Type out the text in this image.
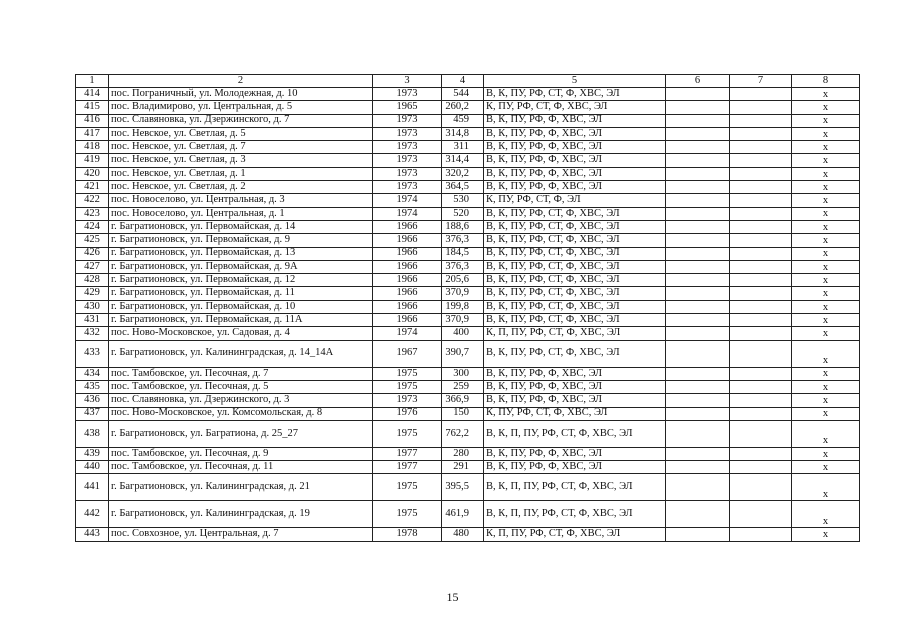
1	2	3	4	5	6	7	8
414	пос. Пограничный, ул. Молодежная, д. 10	1973	544	В, К, ПУ, РФ, СТ, Ф, ХВС, ЭЛ			x
415	пос. Владимирово, ул. Центральная, д. 5	1965	260,2	К, ПУ, РФ, СТ, Ф, ХВС, ЭЛ			x
416	пос. Славяновка, ул. Дзержинского, д. 7	1973	459	В, К, ПУ, РФ, Ф, ХВС, ЭЛ			x
417	пос. Невское, ул. Светлая, д. 5	1973	314,8	В, К, ПУ, РФ, Ф, ХВС, ЭЛ			x
418	пос. Невское, ул. Светлая, д. 7	1973	311	В, К, ПУ, РФ, Ф, ХВС, ЭЛ			x
419	пос. Невское, ул. Светлая, д. 3	1973	314,4	В, К, ПУ, РФ, Ф, ХВС, ЭЛ			x
420	пос. Невское, ул. Светлая, д. 1	1973	320,2	В, К, ПУ, РФ, Ф, ХВС, ЭЛ			x
421	пос. Невское, ул. Светлая, д. 2	1973	364,5	В, К, ПУ, РФ, Ф, ХВС, ЭЛ			x
422	пос. Новоселово, ул. Центральная, д. 3	1974	530	К, ПУ, РФ, СТ, Ф, ЭЛ			x
423	пос. Новоселово, ул. Центральная, д. 1	1974	520	В, К, ПУ, РФ, СТ, Ф, ХВС, ЭЛ			x
424	г. Багратионовск, ул. Первомайская, д. 14	1966	188,6	В, К, ПУ, РФ, СТ, Ф, ХВС, ЭЛ			x
425	г. Багратионовск, ул. Первомайская, д. 9	1966	376,3	В, К, ПУ, РФ, СТ, Ф, ХВС, ЭЛ			x
426	г. Багратионовск, ул. Первомайская, д. 13	1966	184,5	В, К, ПУ, РФ, СТ, Ф, ХВС, ЭЛ			x
427	г. Багратионовск, ул. Первомайская, д. 9А	1966	376,3	В, К, ПУ, РФ, СТ, Ф, ХВС, ЭЛ			x
428	г. Багратионовск, ул. Первомайская, д. 12	1966	205,6	В, К, ПУ, РФ, СТ, Ф, ХВС, ЭЛ			x
429	г. Багратионовск, ул. Первомайская, д. 11	1966	370,9	В, К, ПУ, РФ, СТ, Ф, ХВС, ЭЛ			x
430	г. Багратионовск, ул. Первомайская, д. 10	1966	199,8	В, К, ПУ, РФ, СТ, Ф, ХВС, ЭЛ			x
431	г. Багратионовск, ул. Первомайская, д. 11А	1966	370,9	В, К, ПУ, РФ, СТ, Ф, ХВС, ЭЛ			x
432	пос. Ново-Московское, ул. Садовая, д. 4	1974	400	К, П, ПУ, РФ, СТ, Ф, ХВС, ЭЛ			x
433	г. Багратионовск, ул. Калининградская, д. 14_14А	1967	390,7	В, К, ПУ, РФ, СТ, Ф, ХВС, ЭЛ			x
434	пос. Тамбовское, ул. Песочная, д. 7	1975	300	В, К, ПУ, РФ, Ф, ХВС, ЭЛ			x
435	пос. Тамбовское, ул. Песочная, д. 5	1975	259	В, К, ПУ, РФ, Ф, ХВС, ЭЛ			x
436	пос. Славяновка, ул. Дзержинского, д. 3	1973	366,9	В, К, ПУ, РФ, Ф, ХВС, ЭЛ			x
437	пос. Ново-Московское, ул. Комсомольская, д. 8	1976	150	К, ПУ, РФ, СТ, Ф, ХВС, ЭЛ			x
438	г. Багратионовск, ул. Багратиона, д. 25_27	1975	762,2	В, К, П, ПУ, РФ, СТ, Ф, ХВС, ЭЛ			x
439	пос. Тамбовское, ул. Песочная, д. 9	1977	280	В, К, ПУ, РФ, Ф, ХВС, ЭЛ			x
440	пос. Тамбовское, ул. Песочная, д. 11	1977	291	В, К, ПУ, РФ, Ф, ХВС, ЭЛ			x
441	г. Багратионовск, ул. Калининградская, д. 21	1975	395,5	В, К, П, ПУ, РФ, СТ, Ф, ХВС, ЭЛ			x
442	г. Багратионовск, ул. Калининградская, д. 19	1975	461,9	В, К, П, ПУ, РФ, СТ, Ф, ХВС, ЭЛ			x
443	пос. Совхозное, ул. Центральная, д. 7	1978	480	К, П, ПУ, РФ, СТ, Ф, ХВС, ЭЛ			x
15
